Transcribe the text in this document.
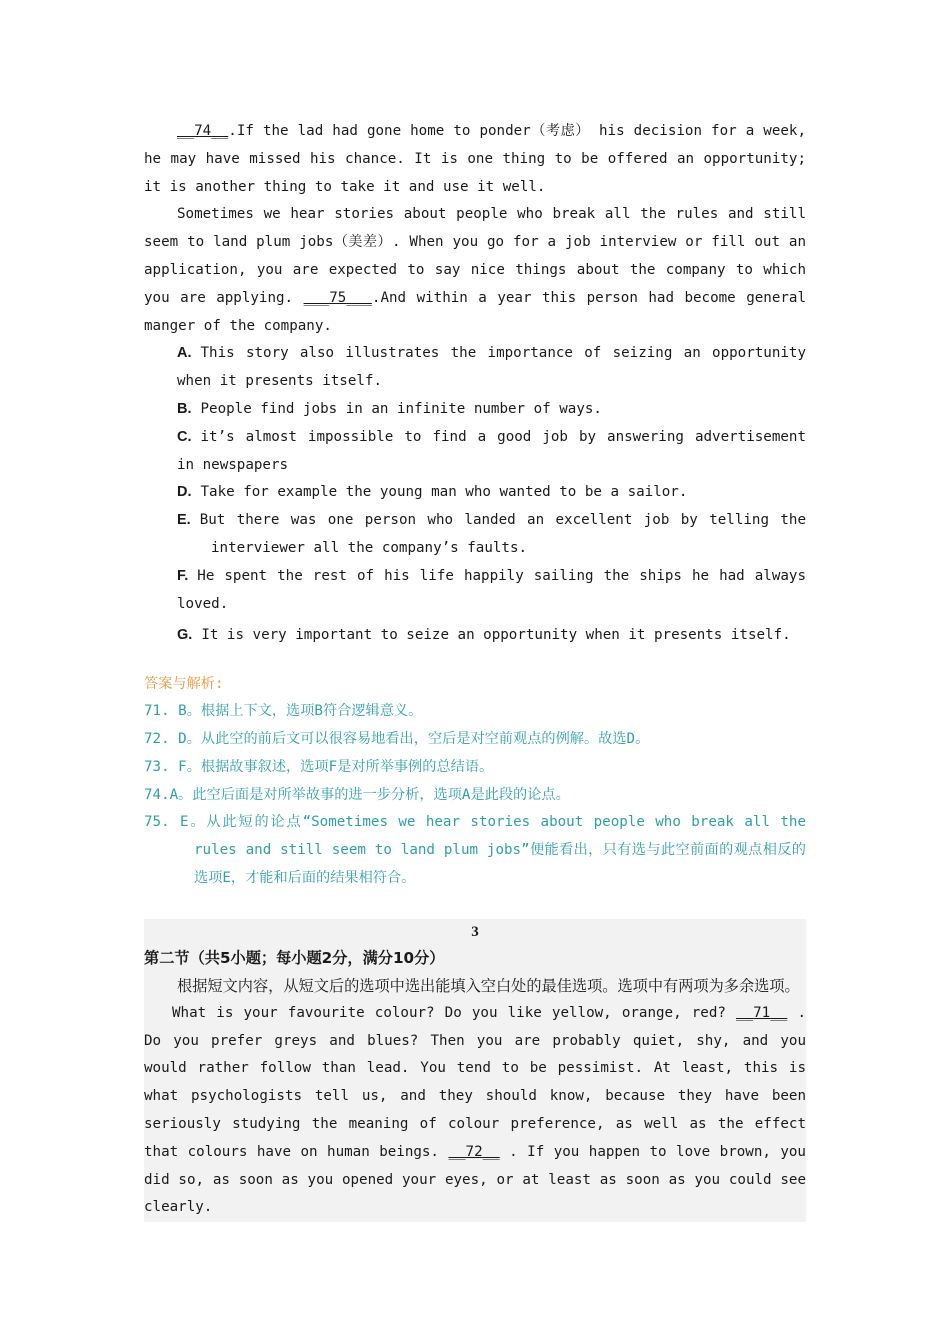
__74__.If the lad had gone home to ponder（考虑） his decision for a week, he may have missed his chance. It is one thing to be offered an opportunity; it is another thing to take it and use it well.

Sometimes we hear stories about people who break all the rules and still seem to land plum jobs（美差）. When you go for a job interview or fill out an application, you are expected to say nice things about the company to which you are applying. ___75___.And within a year this person had become general manger of the company.

A. This story also illustrates the importance of seizing an opportunity when it presents itself.

B. People find jobs in an infinite number of ways.

C. it’s almost impossible to find a good job by answering advertisement in newspapers

D. Take for example the young man who wanted to be a sailor.

E. But there was one person who landed an excellent job by telling the interviewer all the company’s faults.

F. He spent the rest of his life happily sailing the ships he had always loved.

G. It is very important to seize an opportunity when it presents itself.

答案与解析:

71. B。根据上下文，选项B符合逻辑意义。

72. D。从此空的前后文可以很容易地看出，空后是对空前观点的例解。故选D。

73. F。根据故事叙述，选项F是对所举事例的总结语。

74.A。此空后面是对所举故事的进一步分析，选项A是此段的论点。

75. E。从此短的论点“Sometimes we hear stories about people who break all the rules and still seem to land plum jobs”便能看出，只有选与此空前面的观点相反的选项E，才能和后面的结果相符合。

3

第二节（共5小题；每小题2分，满分10分）

根据短文内容，从短文后的选项中选出能填入空白处的最佳选项。选项中有两项为多余选项。

What is your favourite colour? Do you like yellow, orange, red? __71__ . Do you prefer greys and blues? Then you are probably quiet, shy, and you would rather follow than lead. You tend to be pessimist. At least, this is what psychologists tell us, and they should know, because they have been seriously studying the meaning of colour preference, as well as the effect that colours have on human beings. __72__ . If you happen to love brown, you did so, as soon as you opened your eyes, or at least as soon as you could see clearly.
